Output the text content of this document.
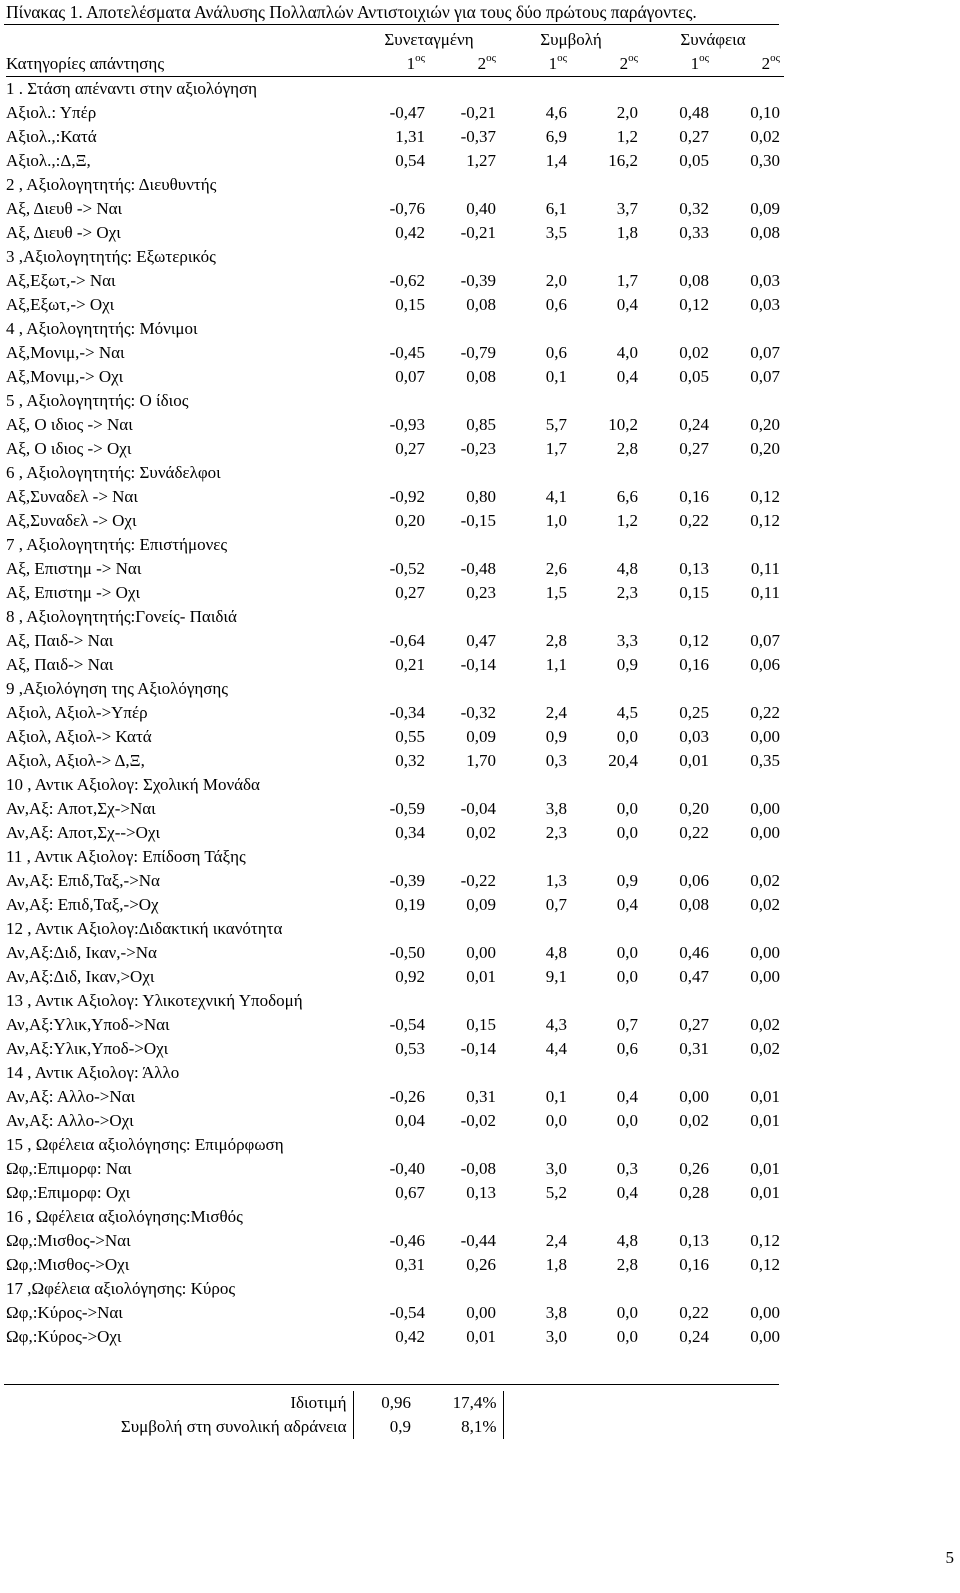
Πίνακας 1. Αποτελέσματα Ανάλυσης Πολλαπλών Αντιστοιχιών για τους δύο πρώτους παράγοντες.
	Συνεταγμένη		Συμβολή		Συνάφεια	
Κατηγορίες απάντησης	$1^{o\varsigma}$	$2^{o\varsigma}$	$1^{o\varsigma}$	$2^{o\varsigma}$	$1^{o\varsigma}$	$2^{o\varsigma}$
1 . Στάση απέναντι στην αξιολόγηση						
Αξιολ.: Υπέρ	-0,47	-0,21	4,6	2,0	0,48	0,10
Αξιολ.,:Κατά	1,31	-0,37	6,9	1,2	0,27	0,02
Αξιολ.,:Δ,Ξ,	0,54	1,27	1,4	16,2	0,05	0,30
2 , Αξιολογητητής: Διευθυντής						
Αξ, Διευθ -> Ναι	-0,76	0,40	6,1	3,7	0,32	0,09
Αξ, Διευθ -> Οχι	0,42	-0,21	3,5	1,8	0,33	0,08
3 ,Αξιολογητητής: Εξωτερικός						
Αξ,Εξωτ,-> Ναι	-0,62	-0,39	2,0	1,7	0,08	0,03
Αξ,Εξωτ,-> Οχι	0,15	0,08	0,6	0,4	0,12	0,03
4 , Αξιολογητητής: Μόνιμοι						
Αξ,Μονιμ,-> Ναι	-0,45	-0,79	0,6	4,0	0,02	0,07
Αξ,Μονιμ,-> Οχι	0,07	0,08	0,1	0,4	0,05	0,07
5 , Αξιολογητητής: Ο ίδιος						
Αξ, Ο ιδιος -> Ναι	-0,93	0,85	5,7	10,2	0,24	0,20
Αξ, Ο ιδιος -> Οχι	0,27	-0,23	1,7	2,8	0,27	0,20
6 , Αξιολογητητής: Συνάδελφοι						
Αξ,Συναδελ -> Ναι	-0,92	0,80	4,1	6,6	0,16	0,12
Αξ,Συναδελ -> Οχι	0,20	-0,15	1,0	1,2	0,22	0,12
7 , Αξιολογητητής: Επιστήμονες						
Αξ, Επιστημ -> Ναι	-0,52	-0,48	2,6	4,8	0,13	0,11
Αξ, Επιστημ -> Οχι	0,27	0,23	1,5	2,3	0,15	0,11
8 , Αξιολογητητής:Γονείς- Παιδιά						
Αξ, Παιδ-> Ναι	-0,64	0,47	2,8	3,3	0,12	0,07
Αξ, Παιδ-> Ναι	0,21	-0,14	1,1	0,9	0,16	0,06
9 ,Αξιολόγηση της Αξιολόγησης						
Αξιολ, Αξιολ->Υπέρ	-0,34	-0,32	2,4	4,5	0,25	0,22
Αξιολ, Αξιολ-> Κατά	0,55	0,09	0,9	0,0	0,03	0,00
Αξιολ, Αξιολ-> Δ,Ξ,	0,32	1,70	0,3	20,4	0,01	0,35
10 , Αντικ Αξιολογ: Σχολική Μονάδα						
Αν,Αξ: Αποτ,Σχ->Ναι	-0,59	-0,04	3,8	0,0	0,20	0,00
Αν,Αξ: Αποτ,Σχ-->Οχι	0,34	0,02	2,3	0,0	0,22	0,00
11 , Αντικ Αξιολογ: Επίδοση Τάξης						
Αν,Αξ: Επιδ,Ταξ,->Να	-0,39	-0,22	1,3	0,9	0,06	0,02
Αν,Αξ: Επιδ,Ταξ,->Οχ	0,19	0,09	0,7	0,4	0,08	0,02
12 , Αντικ Αξιολογ:Διδακτική ικανότητα						
Αν,Αξ:Διδ, Ικαν,->Να	-0,50	0,00	4,8	0,0	0,46	0,00
Αν,Αξ:Διδ, Ικαν,>Οχι	0,92	0,01	9,1	0,0	0,47	0,00
13 , Αντικ Αξιολογ: Υλικοτεχνική Υποδομή						
Αν,Αξ:Υλικ,Υποδ->Ναι	-0,54	0,15	4,3	0,7	0,27	0,02
Αν,Αξ:Υλικ,Υποδ->Οχι	0,53	-0,14	4,4	0,6	0,31	0,02
14 , Αντικ Αξιολογ: Άλλο						
Αν,Αξ: Αλλο->Ναι	-0,26	0,31	0,1	0,4	0,00	0,01
Αν,Αξ: Αλλο->Οχι	0,04	-0,02	0,0	0,0	0,02	0,01
15 , Ωφέλεια αξιολόγησης: Επιμόρφωση						
Ωφ,:Επιμορφ: Ναι	-0,40	-0,08	3,0	0,3	0,26	0,01
Ωφ,:Επιμορφ: Οχι	0,67	0,13	5,2	0,4	0,28	0,01
16 , Ωφέλεια αξιολόγησης:Μισθός						
Ωφ,:Μισθος->Ναι	-0,46	-0,44	2,4	4,8	0,13	0,12
Ωφ,:Μισθος->Οχι	0,31	0,26	1,8	2,8	0,16	0,12
17 ,Ωφέλεια αξιολόγησης: Κύρος						
Ωφ,:Κύρος->Ναι	-0,54	0,00	3,8	0,0	0,22	0,00
Ωφ,:Κύρος->Οχι	0,42	0,01	3,0	0,0	0,24	0,00
Ιδιοτιμή	0,96	17,4%
Συμβολή στη συνολική αδράνεια	0,9	8,1%
5
